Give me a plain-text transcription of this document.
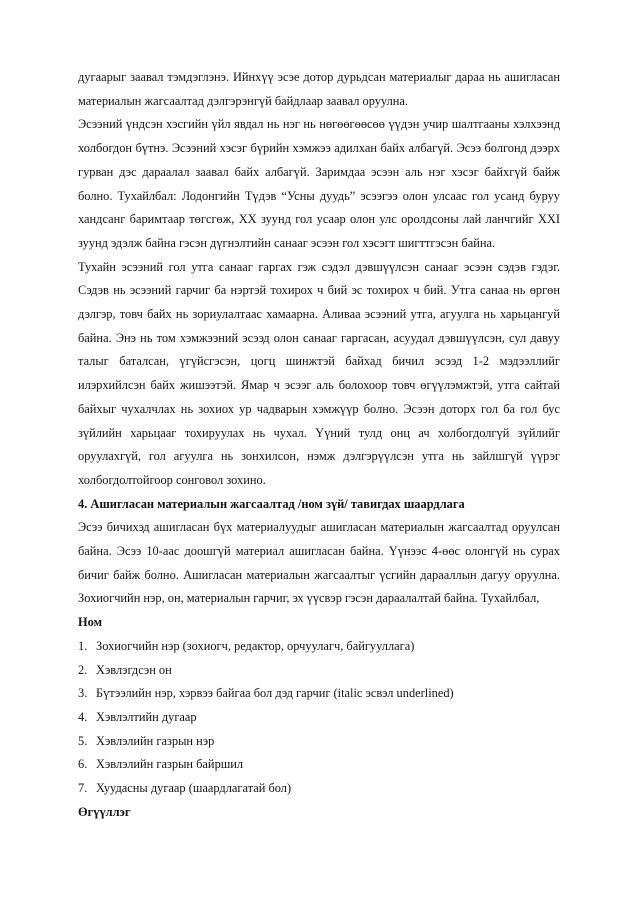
дугаарыг заавал тэмдэглэнэ. Ийнхүү эсэе дотор дурьдсан материалыг дараа нь ашигласан материалын жагсаалтад дэлгэрэнгүй байдлаар заавал оруулна.

Эсээний үндсэн хэсгийн үйл явдал нь нэг нь нөгөөгөөсөө үүдэн учир шалтгааны хэлхээнд холбогдон бүтнэ. Эсээний хэсэг бүрийн хэмжээ адилхан байх албагүй. Эсээ болгонд дээрх гурван дэс дараалал заавал байх албагүй. Заримдаа эсээн аль нэг хэсэг байхгүй байж болно. Тухайлбал: Лодонгийн Түдэв “Усны дуудь” эсээгээ олон улсаас гол усанд буруу хандсанг баримтаар төгсгөж, XX зуунд гол усаар олон улс оролдсоны лай ланчгийг XXI зуунд эдэлж байна гэсэн дүгнэлтийн санааг эсээн гол хэсэгт шигттгэсэн байна.

Тухайн эсээний гол утга санааг гаргах гэж сэдэл дэвшүүлсэн санааг эсээн сэдэв гэдэг. Сэдэв нь эсээний гарчиг ба нэртэй тохирох ч бий эс тохирох ч бий. Утга санаа нь өргөн дэлгэр, товч байх нь зориулалтаас хамаарна. Аливаа эсээний утга, агуулга нь харьцангуй байна. Энэ нь том хэмжээний эсээд олон санааг гаргасан, асуудал дэвшүүлсэн, сул давуу талыг баталсан, үгүйсгэсэн, цогц шинжтэй байхад бичил эсээд 1-2 мэдээллийг илэрхийлсэн байх жишээтэй. Ямар ч эсээг аль болохоор товч өгүүлэмжтэй, утга сайтай байхыг чухалчлах нь зохиох ур чадварын хэмжүүр болно. Эсээн доторх гол ба гол бус зүйлийн харьцааг тохируулах нь чухал. Үүний тулд онц ач холбогдолгүй зүйлийг оруулахгүй, гол агуулга нь зонхилсон, нэмж дэлгэрүүлсэн утга нь зайлшгүй үүрэг холбогдолтойгоор сонговол зохино.

4. Ашигласан материалын жагсаалтад /ном зүй/ тавигдах шаардлага

Эсээ бичихэд ашигласан бүх материалуудыг ашигласан материалын жагсаалтад оруулсан байна. Эсээ 10-аас доошгүй материал ашигласан байна. Үүнээс 4-өөс олонгүй нь сурах бичиг байж болно. Ашигласан материалын жагсаалтыг үсгийн дарааллын дагуу оруулна. Зохиогчийн нэр, он, материалын гарчиг, эх үүсвэр гэсэн дараалалтай байна. Тухайлбал,

Ном

1. Зохиогчийн нэр (зохиогч, редактор, орчуулагч, байгууллага)
2. Хэвлэгдсэн он
3. Бүтээлийн нэр, хэрвээ байгаа бол дэд гарчиг (italic эсвэл underlined)
4. Хэвлэлтийн дугаар
5. Хэвлэлийн газрын нэр
6. Хэвлэлийн газрын байршил
7. Хуудасны дугаар (шаардлагатай бол)

Өгүүллэг
